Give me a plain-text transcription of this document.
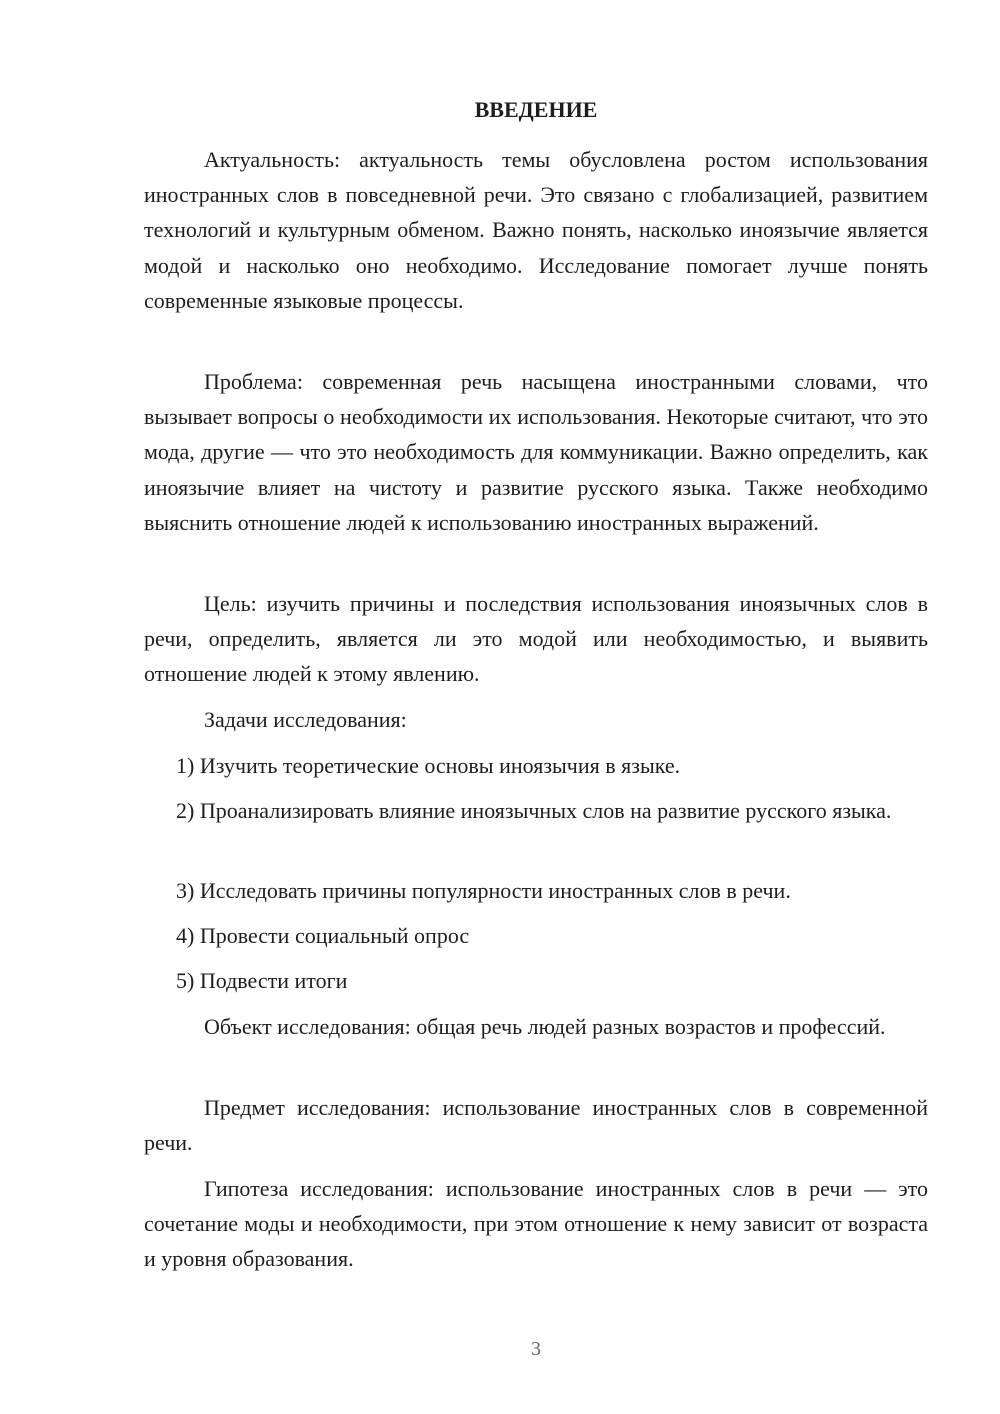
ВВЕДЕНИЕ

Актуальность: актуальность темы обусловлена ростом использования иностранных слов в повседневной речи. Это связано с глобализацией, развитием технологий и культурным обменом. Важно понять, насколько иноязычие является модой и насколько оно необходимо. Исследование помогает лучше понять современные языковые процессы.

Проблема: современная речь насыщена иностранными словами, что вызывает вопросы о необходимости их использования. Некоторые считают, что это мода, другие — что это необходимость для коммуникации. Важно определить, как иноязычие влияет на чистоту и развитие русского языка. Также необходимо выяснить отношение людей к использованию иностранных выражений.

Цель: изучить причины и последствия использования иноязычных слов в речи, определить, является ли это модой или необходимостью, и выявить отношение людей к этому явлению.

Задачи исследования:

1) Изучить теоретические основы иноязычия в языке.

2) Проанализировать влияние иноязычных слов на развитие русского языка.

3) Исследовать причины популярности иностранных слов в речи.

4) Провести социальный опрос

5) Подвести итоги

Объект исследования: общая речь людей разных возрастов и профессий.

Предмет исследования: использование иностранных слов в современной речи.

Гипотеза исследования: использование иностранных слов в речи — это сочетание моды и необходимости, при этом отношение к нему зависит от возраста и уровня образования.

3
